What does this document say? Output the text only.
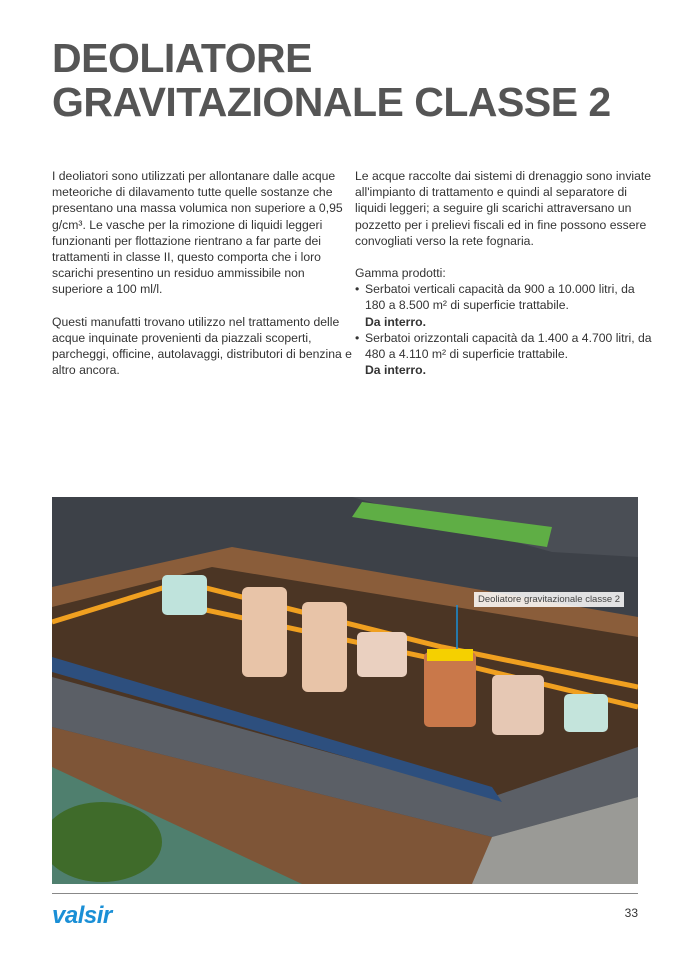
DEOLIATORE
GRAVITAZIONALE CLASSE 2

I deoliatori sono utilizzati per allontanare dalle acque meteoriche di dilavamento tutte quelle sostanze che presentano una massa volumica non superiore a 0,95 g/cm³. Le vasche per la rimozione di liquidi leggeri funzionanti per flottazione rientrano a far parte dei trattamenti in classe II, questo comporta che i loro scarichi presentino un residuo ammissibile non superiore a 100 ml/l.

Questi manufatti trovano utilizzo nel trattamento delle acque inquinate provenienti da piazzali scoperti, parcheggi, officine, autolavaggi, distributori di benzina e altro ancora.

Le acque raccolte dai sistemi di drenaggio sono inviate all'impianto di trattamento e quindi al separatore di liquidi leggeri; a seguire gli scarichi attraversano un pozzetto per i prelievi fiscali ed in fine possono essere convogliati verso la rete fognaria.

Gamma prodotti:
• Serbatoi verticali capacità da 900 a 10.000 litri, da 180 a 8.500 m² di superficie trattabile.
Da interro.
• Serbatoi orizzontali capacità da 1.400 a 4.700 litri, da 480 a 4.110 m² di superficie trattabile.
Da interro.
Deoliatore gravitazionale classe 2
valsir	33
